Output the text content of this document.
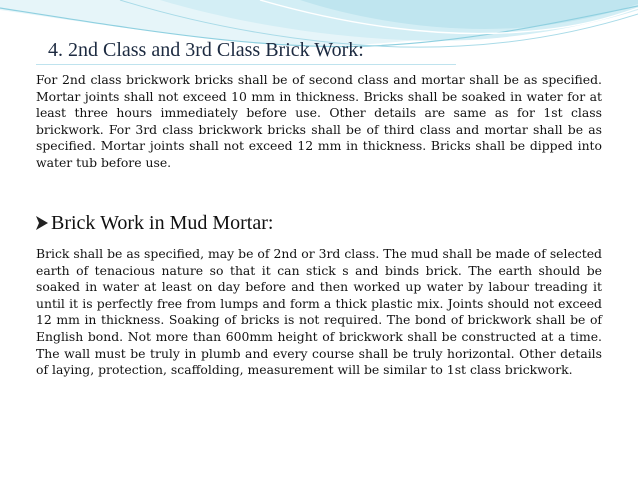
4. 2nd Class and 3rd Class Brick Work:

For 2nd class brickwork bricks shall be of second class and mortar shall be as specified. Mortar joints shall not exceed 10 mm in thickness. Bricks shall be soaked in water for at least three hours immediately before use. Other details are same as for 1st class brickwork. For 3rd class brickwork bricks shall be of third class and mortar shall be as specified. Mortar joints shall not exceed 12 mm in thickness. Bricks shall be dipped into water tub before use.

Brick Work in Mud Mortar:

Brick shall be as specified, may be of 2nd or 3rd class. The mud shall be made of selected earth of tenacious nature so that it can stick s and binds brick. The earth should be soaked in water at least on day before and then worked up water by labour treading it until it is perfectly free from lumps and form a thick plastic mix. Joints should not exceed 12 mm in thickness. Soaking of bricks is not required. The bond of brickwork shall be of English bond. Not more than 600mm height of brickwork shall be constructed at a time. The wall must be truly in plumb and every course shall be truly horizontal. Other details of laying, protection, scaffolding, measurement will be similar to 1st class brickwork.
